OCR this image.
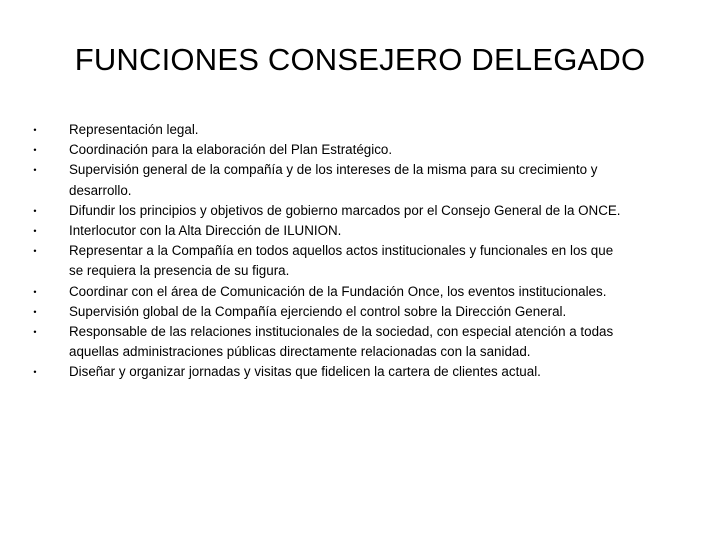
FUNCIONES CONSEJERO DELEGADO
• Representación legal.
• Coordinación para la elaboración del Plan Estratégico.
• Supervisión general de la compañía y de los intereses de la misma para su crecimiento y desarrollo.
• Difundir los principios y objetivos de gobierno marcados por el Consejo General de la ONCE.
• Interlocutor con la Alta Dirección de ILUNION.
• Representar a la Compañía en todos aquellos actos institucionales y funcionales en los que se requiera la presencia de su figura.
• Coordinar con el área de Comunicación de la Fundación Once, los eventos institucionales.
• Supervisión global de la Compañía ejerciendo el control sobre la Dirección General.
• Responsable de las relaciones institucionales de la sociedad, con especial atención a todas aquellas administraciones públicas directamente relacionadas con la sanidad.
• Diseñar y organizar jornadas y visitas que fidelicen la cartera de clientes actual.
